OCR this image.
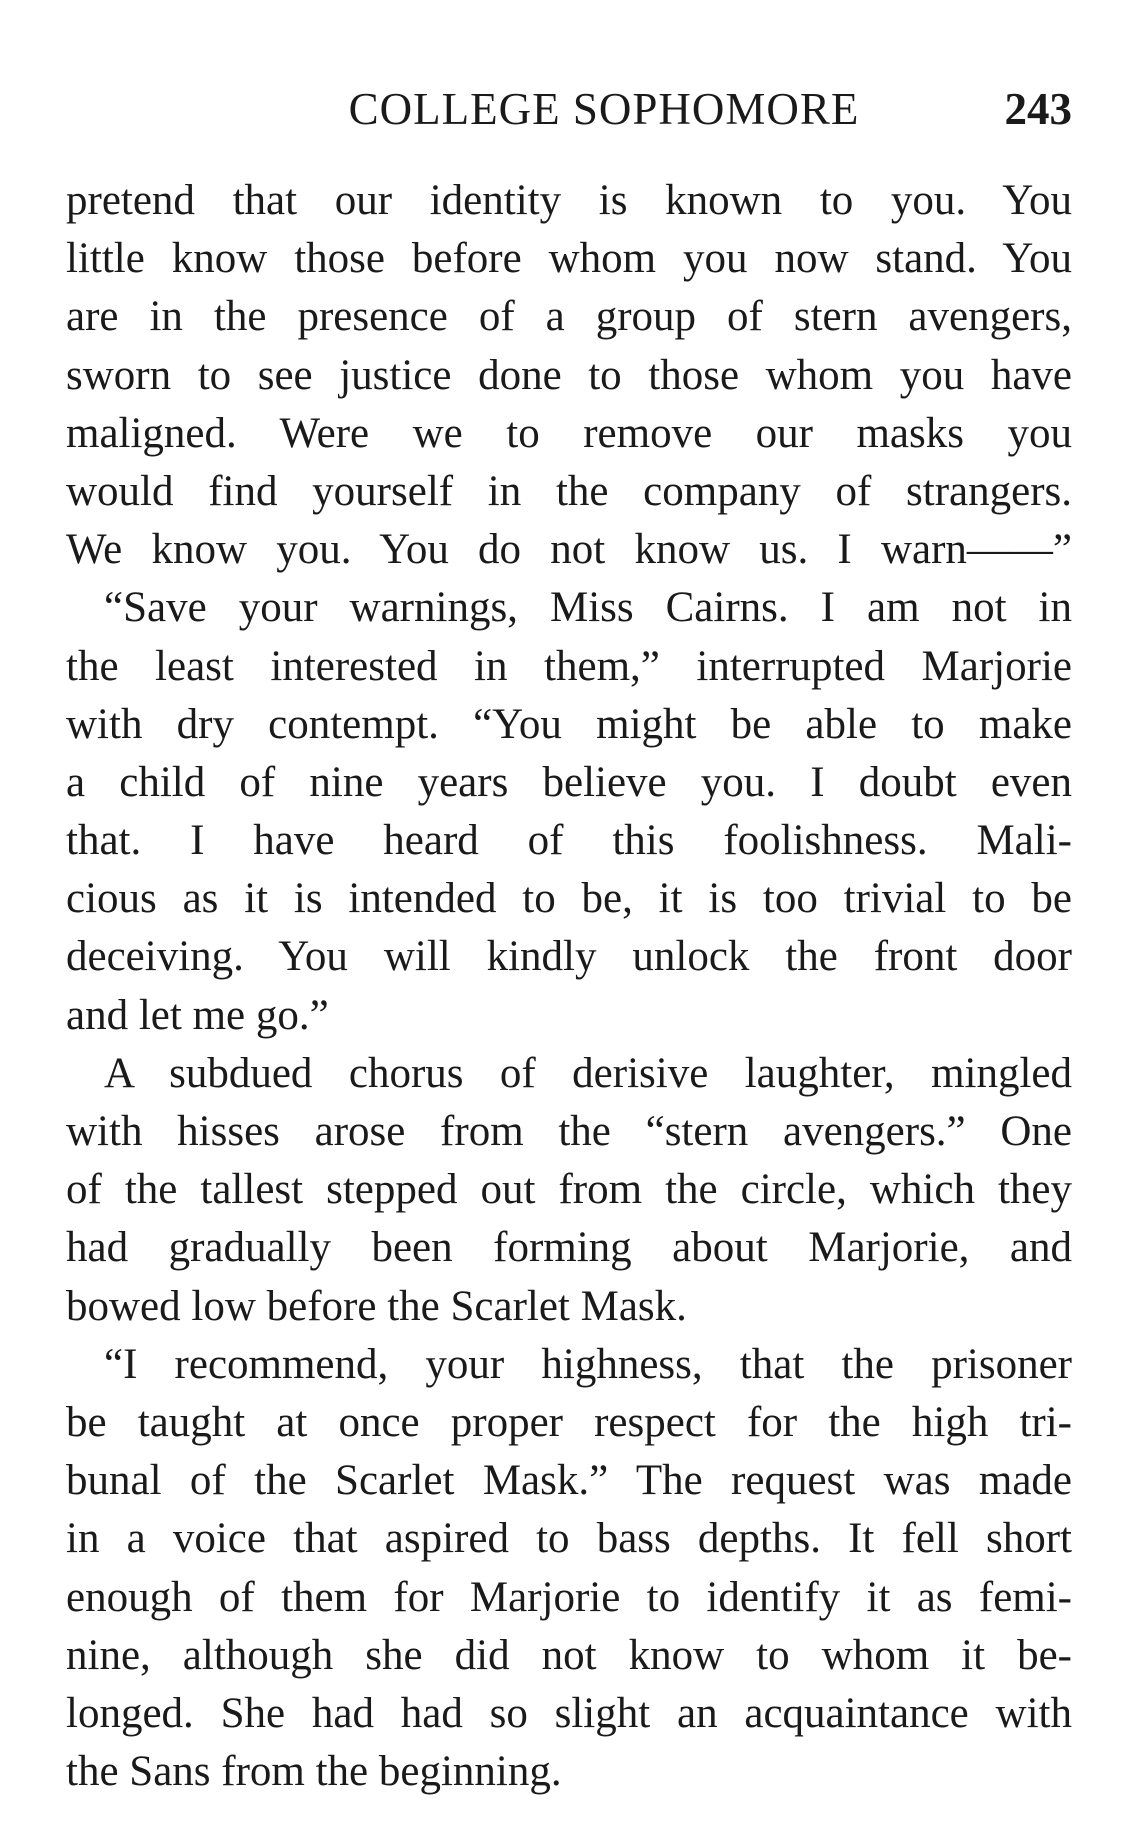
COLLEGE SOPHOMORE	243
pretend that our identity is known to you. You
little know those before whom you now stand. You
are in the presence of a group of stern avengers,
sworn to see justice done to those whom you have
maligned. Were we to remove our masks you
would find yourself in the company of strangers.
We know you. You do not know us. I warn——”
“Save your warnings, Miss Cairns. I am not in
the least interested in them,” interrupted Marjorie
with dry contempt. “You might be able to make
a child of nine years believe you. I doubt even
that. I have heard of this foolishness. Mali-
cious as it is intended to be, it is too trivial to be
deceiving. You will kindly unlock the front door
and let me go.”
A subdued chorus of derisive laughter, mingled
with hisses arose from the “stern avengers.” One
of the tallest stepped out from the circle, which they
had gradually been forming about Marjorie, and
bowed low before the Scarlet Mask.
“I recommend, your highness, that the prisoner
be taught at once proper respect for the high tri-
bunal of the Scarlet Mask.” The request was made
in a voice that aspired to bass depths. It fell short
enough of them for Marjorie to identify it as femi-
nine, although she did not know to whom it be-
longed. She had had so slight an acquaintance with
the Sans from the beginning.
